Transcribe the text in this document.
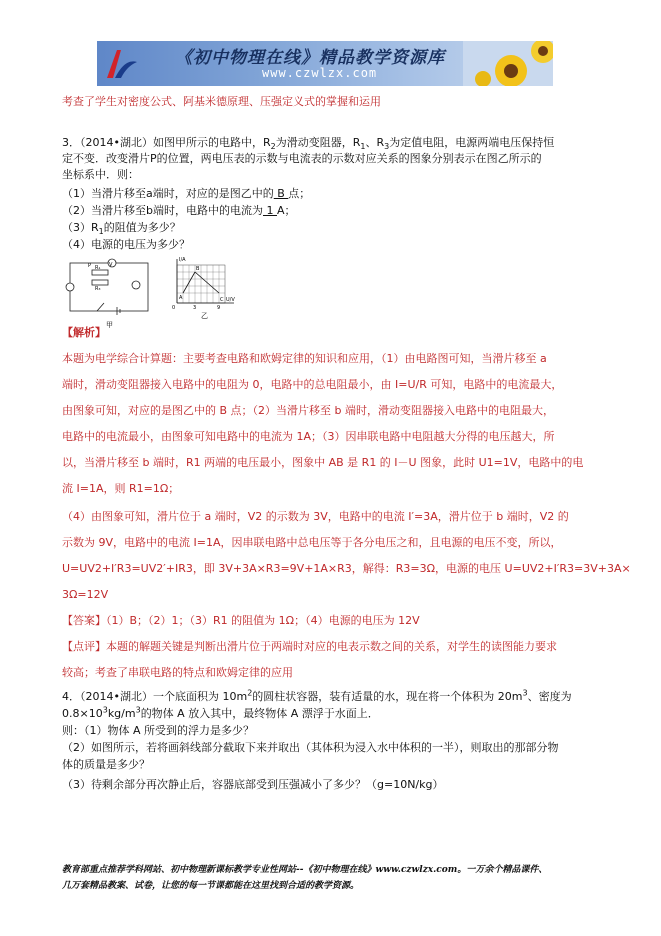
《初中物理在线》精品教学资源库
www.czwlzx.com
考查了学生对密度公式、阿基米德原理、压强定义式的掌握和运用
3．（2014•湖北）如图甲所示的电路中，$R_2$为滑动变阻器，$R_1$、$R_3$为定值电阻，电源两端电压保持恒
定不变．改变滑片P的位置，两电压表的示数与电流表的示数对应关系的图象分别表示在图乙所示的
坐标系中．则：
（1）当滑片移至a端时，对应的是图乙中的 B 点；
（2）当滑片移至b端时，电路中的电流为 1 A；
$(3)R_1$的阻值为多少？
（4）电源的电压为多少？
V
R₁
R₃
P
甲
I/A
U/V
A
B
C
0	3	9
乙
【解析】
本题为电学综合计算题：主要考查电路和欧姆定律的知识和应用，（1）由电路图可知，当滑片移至 a
端时，滑动变阻器接入电路中的电阻为 0，电路中的总电阻最小，由 I=U/R 可知，电路中的电流最大，
由图象可知，对应的是图乙中的 B 点；（2）当滑片移至 b 端时，滑动变阻器接入电路中的电阻最大，
电路中的电流最小，由图象可知电路中的电流为 1A；（3）因串联电路中电阻越大分得的电压越大，所
以，当滑片移至 b 端时，R1 两端的电压最小，图象中 AB 是 R1 的 I－U 图象，此时 U1=1V，电路中的电
流 I=1A，则 R1=1Ω；
（4）由图象可知，滑片位于 a 端时，V2 的示数为 3V，电路中的电流 I′=3A，滑片位于 b 端时，V2 的
示数为 9V，电路中的电流 I=1A，因串联电路中总电压等于各分电压之和，且电源的电压不变，所以，
U=UV2+I′R3=UV2′+IR3，即 3V+3A×R3=9V+1A×R3，解得：R3=3Ω，电源的电压 U=UV2+I′R3=3V+3A×
3Ω=12V
【答案】（1）B；（2）1；（3）R1 的阻值为 1Ω；（4）电源的电压为 12V
【点评】本题的解题关键是判断出滑片位于两端时对应的电表示数之间的关系，对学生的读图能力要求
较高；考查了串联电路的特点和欧姆定律的应用
4．（2014•湖北）一个底面积为 $10m^2$的圆柱状容器，装有适量的水，现在将一个体积为 $20m^3$、密度为
$0.8\times 10^3kg/m^3$的物体 A 放入其中，最终物体 A 漂浮于水面上．
则：（1）物体 A 所受到的浮力是多少？
（2）如图所示，若将画斜线部分截取下来并取出（其体积为浸入水中体积的一半），则取出的那部分物
体的质量是多少？
（3）待剩余部分再次静止后，容器底部受到压强减小了多少？（g=10N/kg）
教育部重点推荐学科网站、初中物理新课标教学专业性网站--《初中物理在线》www.czwlzx.com。一万余个精品课件、
几万套精品教案、试卷，让您的每一节课都能在这里找到合适的教学资源。
